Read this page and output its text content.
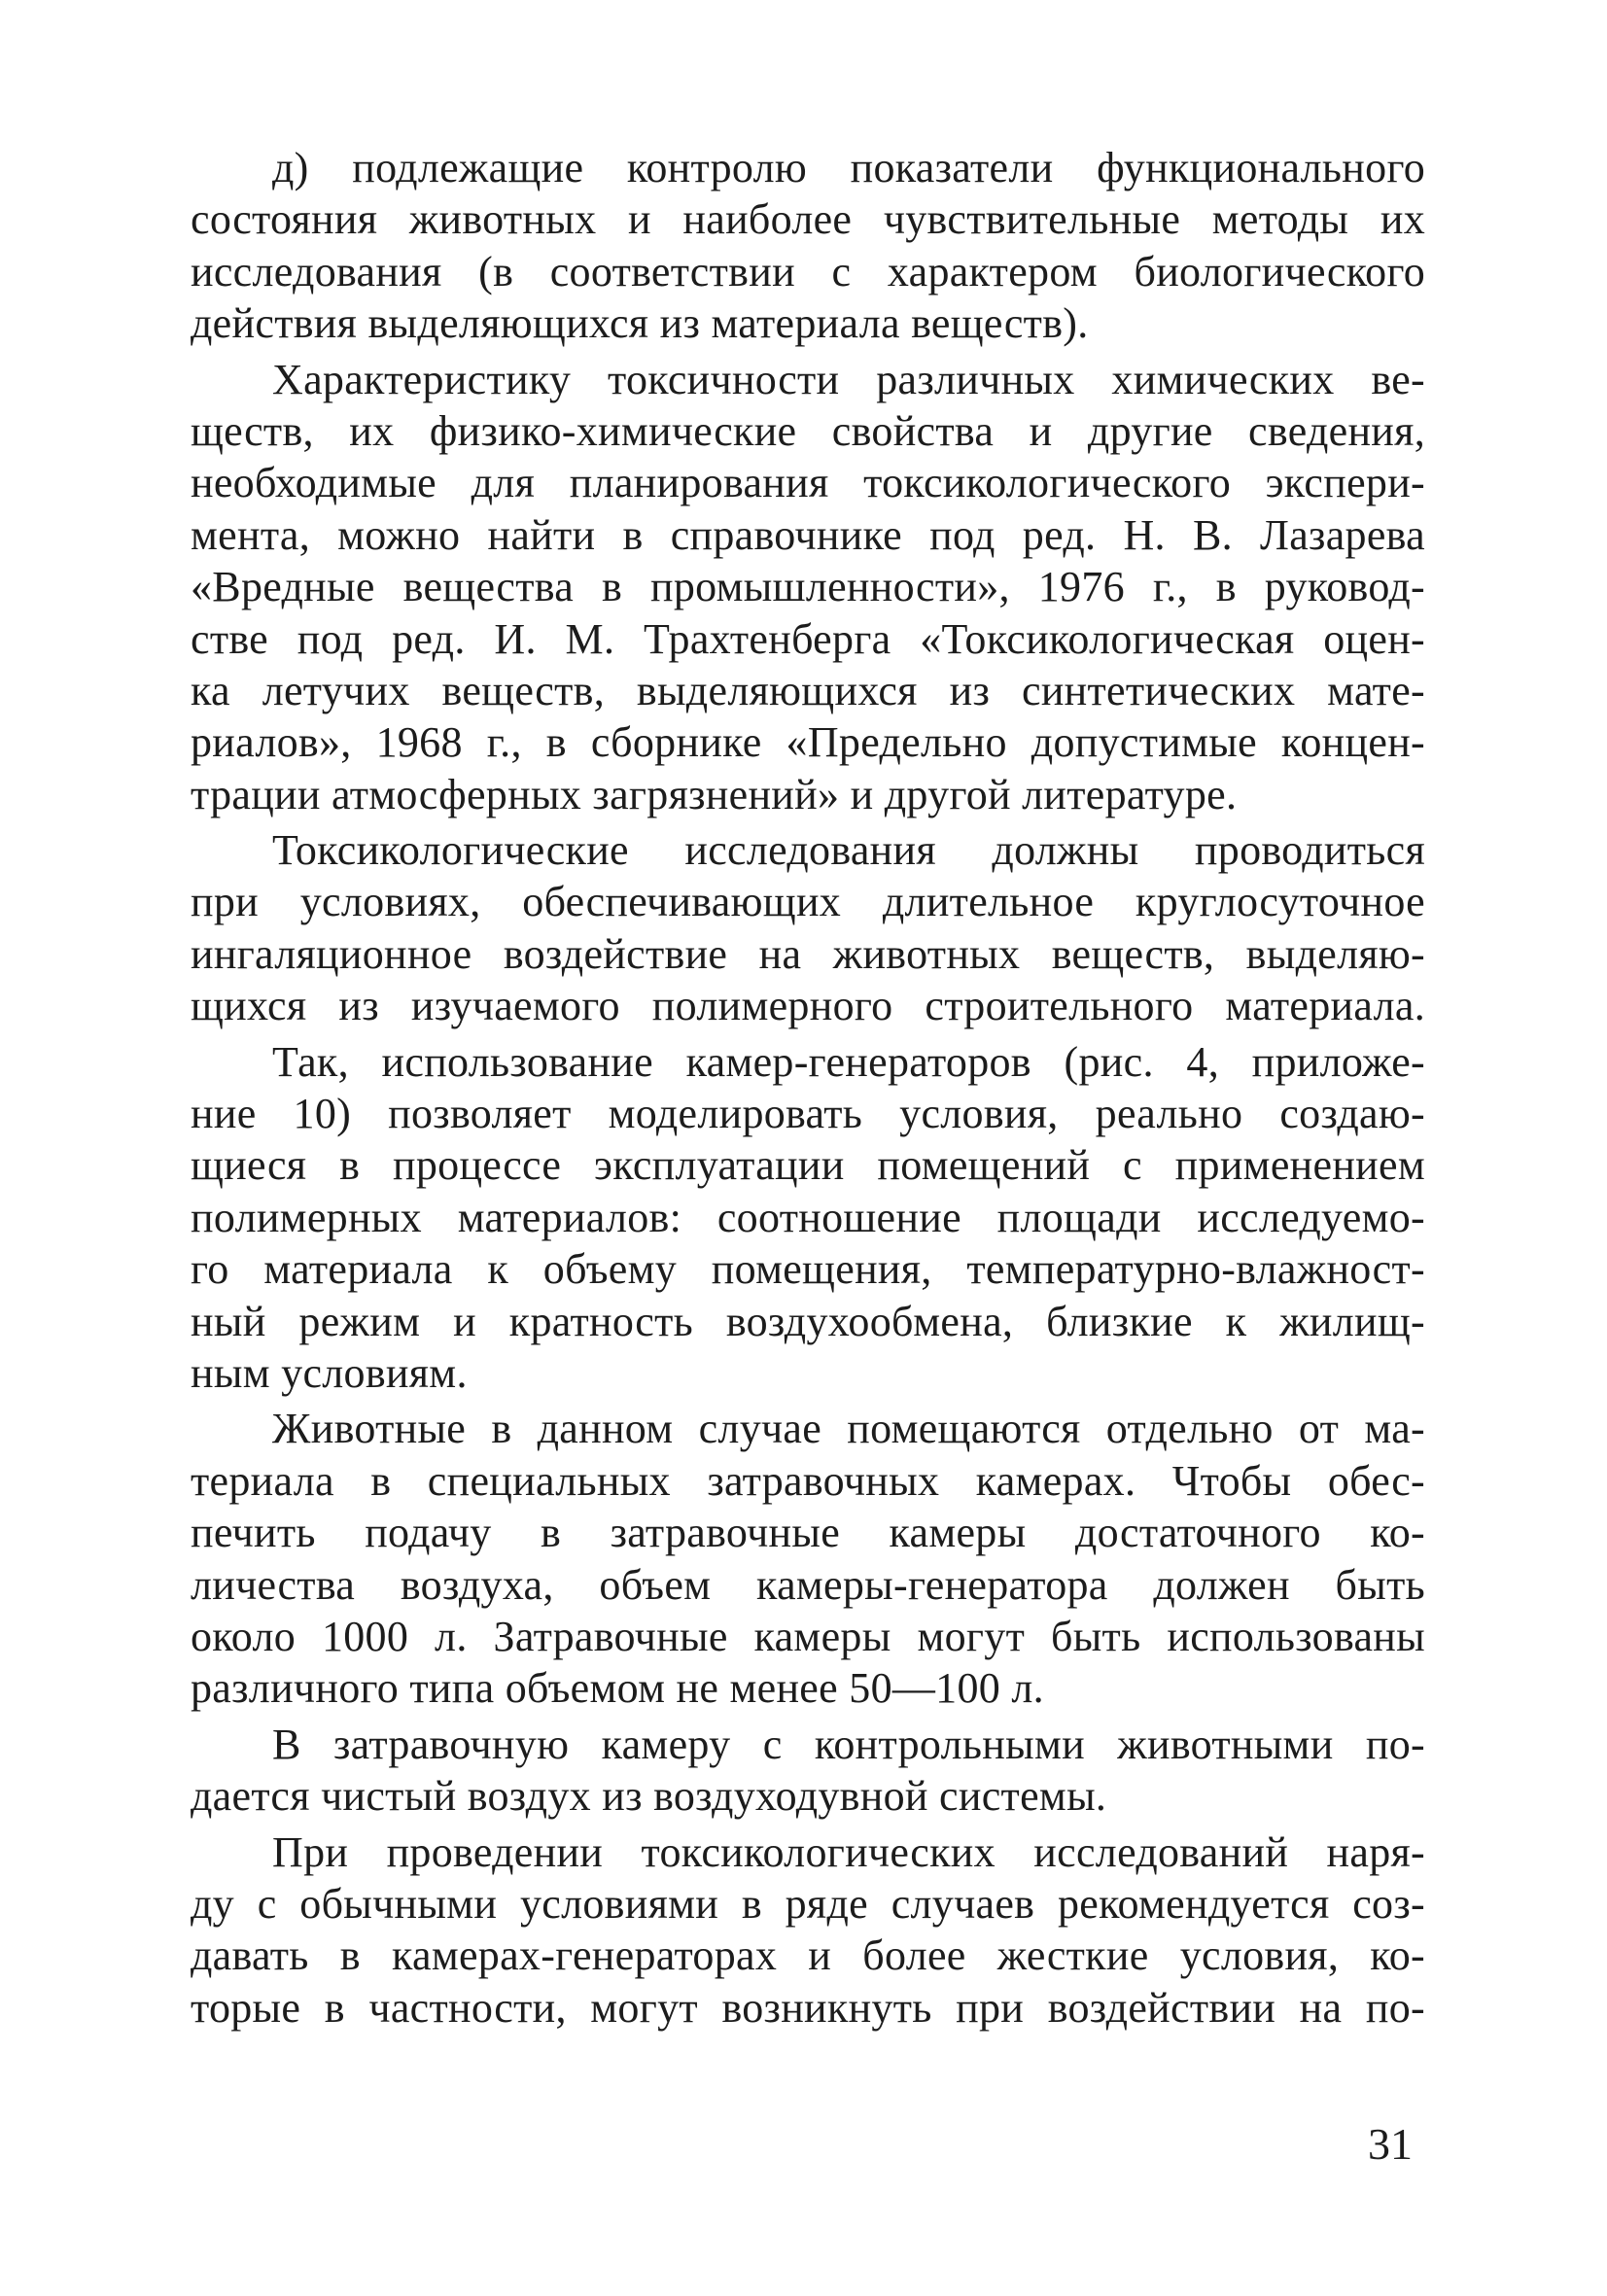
д) подлежащие контролю показатели функционального
состояния животных и наиболее чувствительные методы их
исследования (в соответствии с характером биологического
действия выделяющихся из материала веществ).
Характеристику токсичности различных химических ве-
ществ, их физико-химические свойства и другие сведения,
необходимые для планирования токсикологического экспери-
мента, можно найти в справочнике под ред. Н. В. Лазарева
«Вредные вещества в промышленности», 1976 г., в руковод-
стве под ред. И. М. Трахтенберга «Токсикологическая оцен-
ка летучих веществ, выделяющихся из синтетических мате-
риалов», 1968 г., в сборнике «Предельно допустимые концен-
трации атмосферных загрязнений» и другой литературе.
Токсикологические исследования должны проводиться
при условиях, обеспечивающих длительное круглосуточное
ингаляционное воздействие на животных веществ, выделяю-
щихся из изучаемого полимерного строительного материала.
Так, использование камер-генераторов (рис. 4, приложе-
ние 10) позволяет моделировать условия, реально создаю-
щиеся в процессе эксплуатации помещений с применением
полимерных материалов: соотношение площади исследуемо-
го материала к объему помещения, температурно-влажност-
ный режим и кратность воздухообмена, близкие к жилищ-
ным условиям.
Животные в данном случае помещаются отдельно от ма-
териала в специальных затравочных камерах. Чтобы обес-
печить подачу в затравочные камеры достаточного ко-
личества воздуха, объем камеры-генератора должен быть
около 1000 л. Затравочные камеры могут быть использованы
различного типа объемом не менее 50—100 л.
В затравочную камеру с контрольными животными по-
дается чистый воздух из воздуходувной системы.
При проведении токсикологических исследований наря-
ду с обычными условиями в ряде случаев рекомендуется соз-
давать в камерах-генераторах и более жесткие условия, ко-
торые в частности, могут возникнуть при воздействии на по-
31
